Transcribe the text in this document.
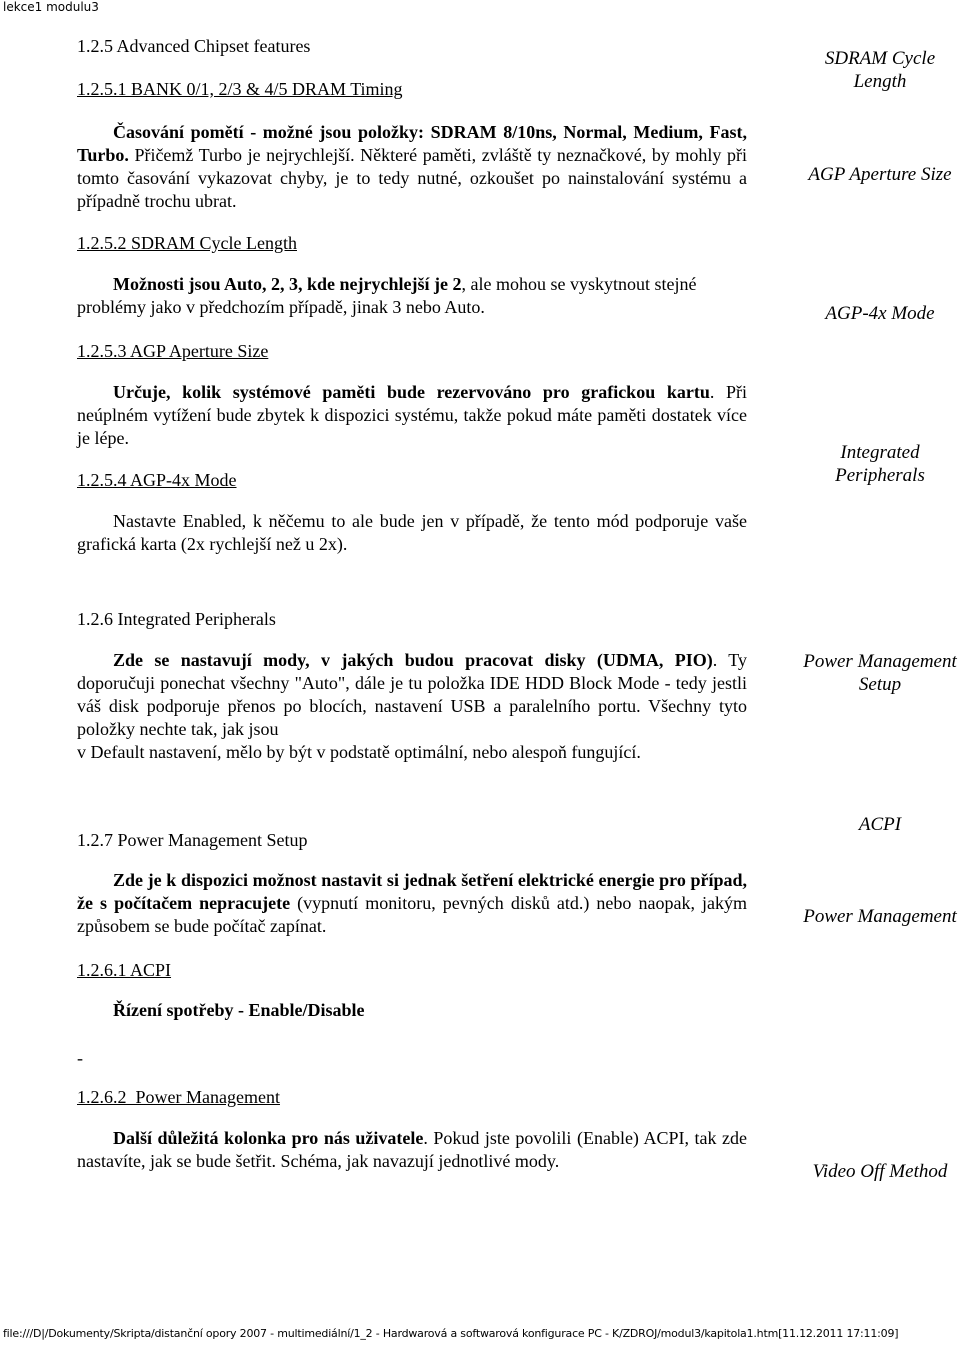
lekce1 modulu3
1.2.5 Advanced Chipset features
1.2.5.1 BANK 0/1, 2/3 & 4/5 DRAM Timing
Časování pomětí - možné jsou položky: SDRAM 8/10ns, Normal, Medium, Fast, Turbo. Přičemž Turbo je nejrychlejší. Některé paměti, zvláště ty neznačkové, by mohly při tomto časování vykazovat chyby, je to tedy nutné, ozkoušet po nainstalování systému a případně trochu ubrat.
1.2.5.2 SDRAM Cycle Length
Možnosti jsou Auto, 2, 3, kde nejrychlejší je 2, ale mohou se vyskytnout stejné problémy jako v předchozím případě, jinak 3 nebo Auto.
1.2.5.3 AGP Aperture Size
Určuje, kolik systémové paměti bude rezervováno pro grafickou kartu. Při neúplném vytížení bude zbytek k dispozici systému, takže pokud máte paměti dostatek více je lépe.
1.2.5.4 AGP-4x Mode
Nastavte Enabled, k něčemu to ale bude jen v případě, že tento mód podporuje vaše grafická karta (2x rychlejší než u 2x).
1.2.6 Integrated Peripherals
Zde se nastavují mody, v jakých budou pracovat disky (UDMA, PIO). Ty doporučuji ponechat všechny "Auto", dále je tu položka IDE HDD Block Mode - tedy jestli váš disk podporuje přenos po blocích, nastavení USB a paralelního portu. Všechny tyto položky nechte tak, jak jsou
v Default nastavení, mělo by být v podstatě optimální, nebo alespoň fungující.
1.2.7 Power Management Setup
Zde je k dispozici možnost nastavit si jednak šetření elektrické energie pro případ, že s počítačem nepracujete (vypnutí monitoru, pevných disků atd.) nebo naopak, jakým způsobem se bude počítač zapínat.
1.2.6.1 ACPI
Řízení spotřeby - Enable/Disable
-
1.2.6.2  Power Management
Další důležitá kolonka pro nás uživatele. Pokud jste povolili (Enable) ACPI, tak zde nastavíte, jak se bude šetřit. Schéma, jak navazují jednotlivé mody.
SDRAM Cycle Length
AGP Aperture Size
AGP-4x Mode
Integrated Peripherals
Power Management Setup
ACPI
Power Management
Video Off Method
file:///D|/Dokumenty/Skripta/distanční opory 2007 - multimediální/1_2 - Hardwarová a softwarová konfigurace PC - K/ZDROJ/modul3/kapitola1.htm[11.12.2011 17:11:09]
